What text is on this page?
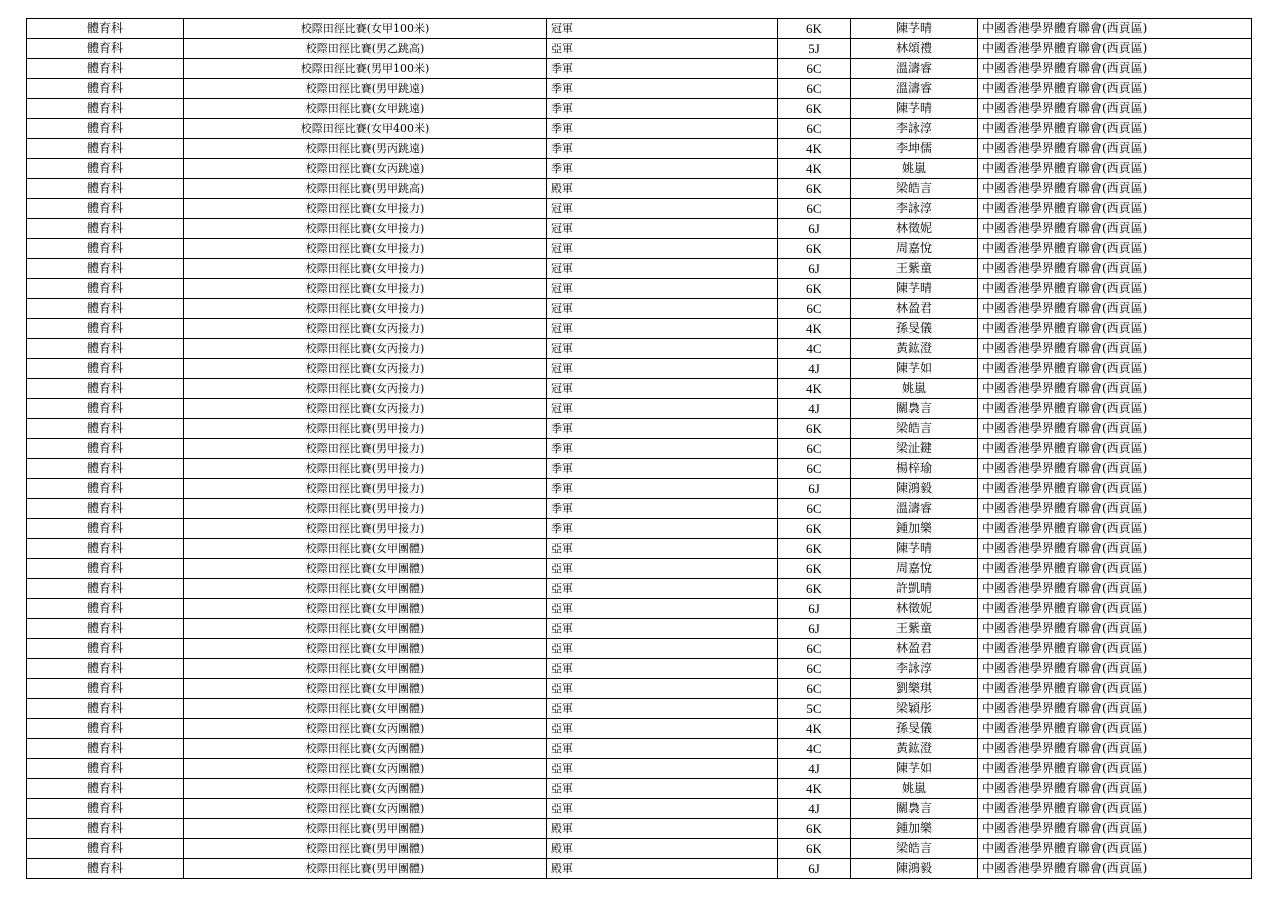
體育科	校際田徑比賽(女甲100米)	冠軍	6K	陳芓晴	中國香港學界體育聯會(西貢區)
體育科	校際田徑比賽(男乙跳高)	亞軍	5J	林頌禮	中國香港學界體育聯會(西貢區)
體育科	校際田徑比賽(男甲100米)	季軍	6C	溫濤睿	中國香港學界體育聯會(西貢區)
體育科	校際田徑比賽(男甲跳遠)	季軍	6C	溫濤睿	中國香港學界體育聯會(西貢區)
體育科	校際田徑比賽(女甲跳遠)	季軍	6K	陳芓晴	中國香港學界體育聯會(西貢區)
體育科	校際田徑比賽(女甲400米)	季軍	6C	李詠淳	中國香港學界體育聯會(西貢區)
體育科	校際田徑比賽(男丙跳遠)	季軍	4K	李坤儒	中國香港學界體育聯會(西貢區)
體育科	校際田徑比賽(女丙跳遠)	季軍	4K	姚嵐	中國香港學界體育聯會(西貢區)
體育科	校際田徑比賽(男甲跳高)	殿軍	6K	梁皓言	中國香港學界體育聯會(西貢區)
體育科	校際田徑比賽(女甲接力)	冠軍	6C	李詠淳	中國香港學界體育聯會(西貢區)
體育科	校際田徑比賽(女甲接力)	冠軍	6J	林徵妮	中國香港學界體育聯會(西貢區)
體育科	校際田徑比賽(女甲接力)	冠軍	6K	周嘉悅	中國香港學界體育聯會(西貢區)
體育科	校際田徑比賽(女甲接力)	冠軍	6J	王紫童	中國香港學界體育聯會(西貢區)
體育科	校際田徑比賽(女甲接力)	冠軍	6K	陳芓晴	中國香港學界體育聯會(西貢區)
體育科	校際田徑比賽(女甲接力)	冠軍	6C	林盈君	中國香港學界體育聯會(西貢區)
體育科	校際田徑比賽(女丙接力)	冠軍	4K	孫旻儀	中國香港學界體育聯會(西貢區)
體育科	校際田徑比賽(女丙接力)	冠軍	4C	黃鈜澄	中國香港學界體育聯會(西貢區)
體育科	校際田徑比賽(女丙接力)	冠軍	4J	陳芓如	中國香港學界體育聯會(西貢區)
體育科	校際田徑比賽(女丙接力)	冠軍	4K	姚嵐	中國香港學界體育聯會(西貢區)
體育科	校際田徑比賽(女丙接力)	冠軍	4J	關裊言	中國香港學界體育聯會(西貢區)
體育科	校際田徑比賽(男甲接力)	季軍	6K	梁皓言	中國香港學界體育聯會(西貢區)
體育科	校際田徑比賽(男甲接力)	季軍	6C	梁沚鍵	中國香港學界體育聯會(西貢區)
體育科	校際田徑比賽(男甲接力)	季軍	6C	楊梓瑜	中國香港學界體育聯會(西貢區)
體育科	校際田徑比賽(男甲接力)	季軍	6J	陳鴻毅	中國香港學界體育聯會(西貢區)
體育科	校際田徑比賽(男甲接力)	季軍	6C	溫濤睿	中國香港學界體育聯會(西貢區)
體育科	校際田徑比賽(男甲接力)	季軍	6K	鍾加樂	中國香港學界體育聯會(西貢區)
體育科	校際田徑比賽(女甲團體)	亞軍	6K	陳芓晴	中國香港學界體育聯會(西貢區)
體育科	校際田徑比賽(女甲團體)	亞軍	6K	周嘉悅	中國香港學界體育聯會(西貢區)
體育科	校際田徑比賽(女甲團體)	亞軍	6K	許凱晴	中國香港學界體育聯會(西貢區)
體育科	校際田徑比賽(女甲團體)	亞軍	6J	林徵妮	中國香港學界體育聯會(西貢區)
體育科	校際田徑比賽(女甲團體)	亞軍	6J	王紫童	中國香港學界體育聯會(西貢區)
體育科	校際田徑比賽(女甲團體)	亞軍	6C	林盈君	中國香港學界體育聯會(西貢區)
體育科	校際田徑比賽(女甲團體)	亞軍	6C	李詠淳	中國香港學界體育聯會(西貢區)
體育科	校際田徑比賽(女甲團體)	亞軍	6C	劉樂琪	中國香港學界體育聯會(西貢區)
體育科	校際田徑比賽(女甲團體)	亞軍	5C	梁穎彤	中國香港學界體育聯會(西貢區)
體育科	校際田徑比賽(女丙團體)	亞軍	4K	孫旻儀	中國香港學界體育聯會(西貢區)
體育科	校際田徑比賽(女丙團體)	亞軍	4C	黃鈜澄	中國香港學界體育聯會(西貢區)
體育科	校際田徑比賽(女丙團體)	亞軍	4J	陳芓如	中國香港學界體育聯會(西貢區)
體育科	校際田徑比賽(女丙團體)	亞軍	4K	姚嵐	中國香港學界體育聯會(西貢區)
體育科	校際田徑比賽(女丙團體)	亞軍	4J	關裊言	中國香港學界體育聯會(西貢區)
體育科	校際田徑比賽(男甲團體)	殿軍	6K	鍾加樂	中國香港學界體育聯會(西貢區)
體育科	校際田徑比賽(男甲團體)	殿軍	6K	梁皓言	中國香港學界體育聯會(西貢區)
體育科	校際田徑比賽(男甲團體)	殿軍	6J	陳鴻毅	中國香港學界體育聯會(西貢區)
